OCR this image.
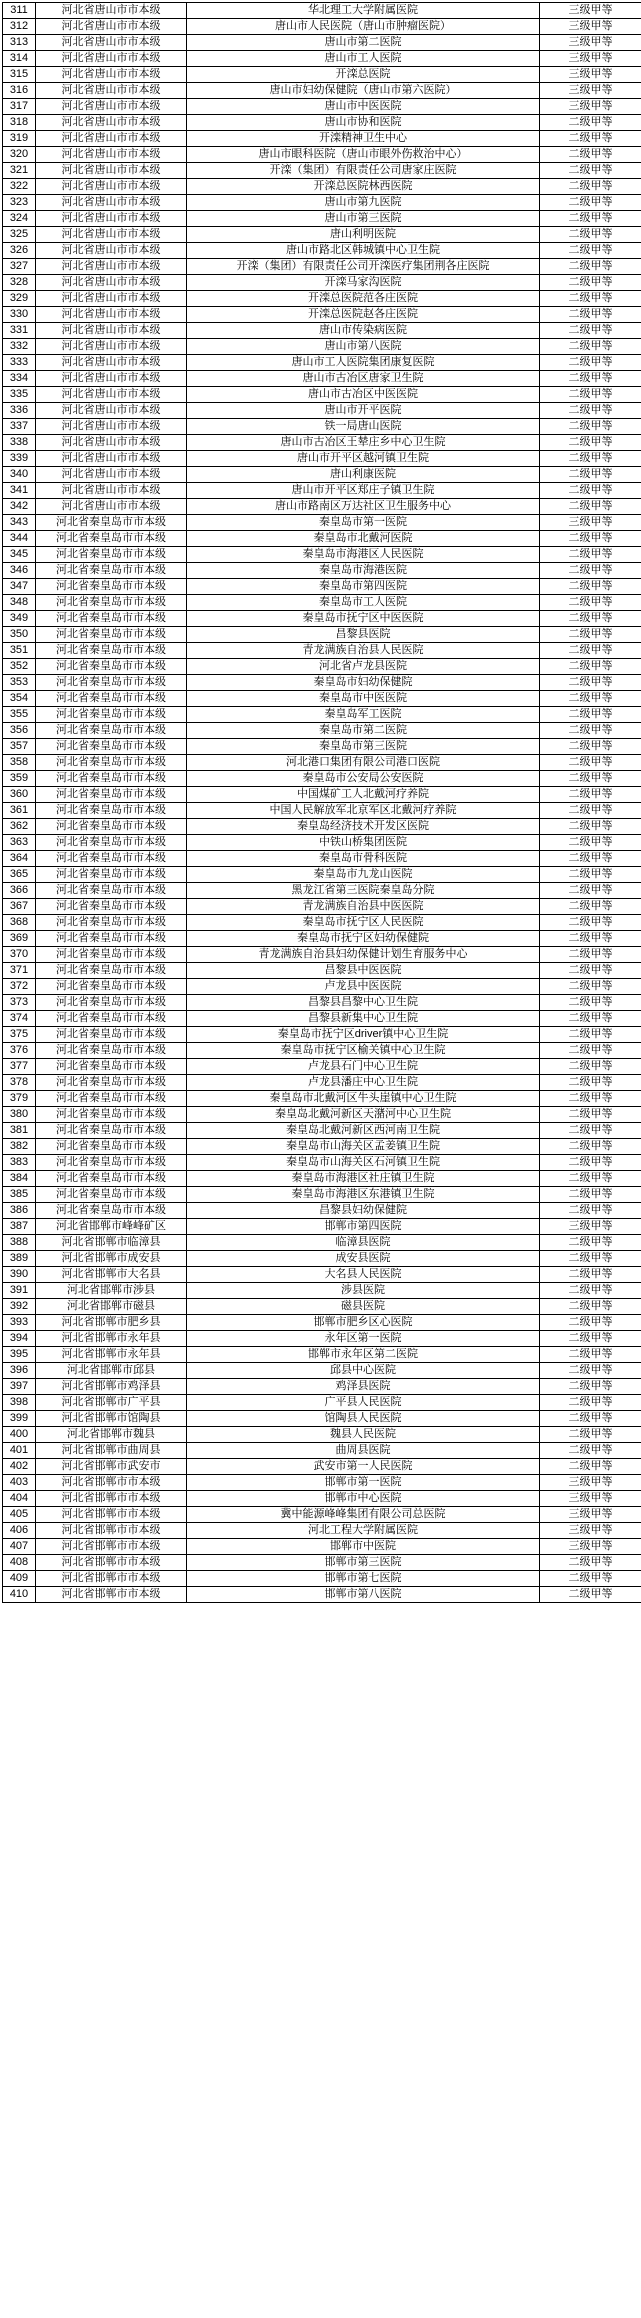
311	河北省唐山市市本级	华北理工大学附属医院	三级甲等
312	河北省唐山市市本级	唐山市人民医院（唐山市肿瘤医院）	三级甲等
313	河北省唐山市市本级	唐山市第二医院	三级甲等
314	河北省唐山市市本级	唐山市工人医院	三级甲等
315	河北省唐山市市本级	开滦总医院	三级甲等
316	河北省唐山市市本级	唐山市妇幼保健院（唐山市第六医院）	三级甲等
317	河北省唐山市市本级	唐山市中医医院	三级甲等
318	河北省唐山市市本级	唐山市协和医院	二级甲等
319	河北省唐山市市本级	开滦精神卫生中心	二级甲等
320	河北省唐山市市本级	唐山市眼科医院（唐山市眼外伤救治中心）	二级甲等
321	河北省唐山市市本级	开滦（集团）有限责任公司唐家庄医院	二级甲等
322	河北省唐山市市本级	开滦总医院林西医院	二级甲等
323	河北省唐山市市本级	唐山市第九医院	二级甲等
324	河北省唐山市市本级	唐山市第三医院	二级甲等
325	河北省唐山市市本级	唐山利明医院	二级甲等
326	河北省唐山市市本级	唐山市路北区韩城镇中心卫生院	二级甲等
327	河北省唐山市市本级	开滦（集团）有限责任公司开滦医疗集团荆各庄医院	二级甲等
328	河北省唐山市市本级	开滦马家沟医院	二级甲等
329	河北省唐山市市本级	开滦总医院范各庄医院	二级甲等
330	河北省唐山市市本级	开滦总医院赵各庄医院	二级甲等
331	河北省唐山市市本级	唐山市传染病医院	二级甲等
332	河北省唐山市市本级	唐山市第八医院	二级甲等
333	河北省唐山市市本级	唐山市工人医院集团康复医院	二级甲等
334	河北省唐山市市本级	唐山市古冶区唐家卫生院	二级甲等
335	河北省唐山市市本级	唐山市古冶区中医医院	二级甲等
336	河北省唐山市市本级	唐山市开平医院	二级甲等
337	河北省唐山市市本级	铁一局唐山医院	二级甲等
338	河北省唐山市市本级	唐山市古冶区王辇庄乡中心卫生院	二级甲等
339	河北省唐山市市本级	唐山市开平区越河镇卫生院	二级甲等
340	河北省唐山市市本级	唐山利康医院	二级甲等
341	河北省唐山市市本级	唐山市开平区郑庄子镇卫生院	二级甲等
342	河北省唐山市市本级	唐山市路南区万达社区卫生服务中心	二级甲等
343	河北省秦皇岛市市本级	秦皇岛市第一医院	三级甲等
344	河北省秦皇岛市市本级	秦皇岛市北戴河医院	二级甲等
345	河北省秦皇岛市市本级	秦皇岛市海港区人民医院	二级甲等
346	河北省秦皇岛市市本级	秦皇岛市海港医院	二级甲等
347	河北省秦皇岛市市本级	秦皇岛市第四医院	二级甲等
348	河北省秦皇岛市市本级	秦皇岛市工人医院	二级甲等
349	河北省秦皇岛市市本级	秦皇岛市抚宁区中医医院	二级甲等
350	河北省秦皇岛市市本级	昌黎县医院	二级甲等
351	河北省秦皇岛市市本级	青龙满族自治县人民医院	二级甲等
352	河北省秦皇岛市市本级	河北省卢龙县医院	二级甲等
353	河北省秦皇岛市市本级	秦皇岛市妇幼保健院	二级甲等
354	河北省秦皇岛市市本级	秦皇岛市中医医院	二级甲等
355	河北省秦皇岛市市本级	秦皇岛军工医院	二级甲等
356	河北省秦皇岛市市本级	秦皇岛市第二医院	二级甲等
357	河北省秦皇岛市市本级	秦皇岛市第三医院	二级甲等
358	河北省秦皇岛市市本级	河北港口集团有限公司港口医院	二级甲等
359	河北省秦皇岛市市本级	秦皇岛市公安局公安医院	二级甲等
360	河北省秦皇岛市市本级	中国煤矿工人北戴河疗养院	二级甲等
361	河北省秦皇岛市市本级	中国人民解放军北京军区北戴河疗养院	二级甲等
362	河北省秦皇岛市市本级	秦皇岛经济技术开发区医院	二级甲等
363	河北省秦皇岛市市本级	中铁山桥集团医院	二级甲等
364	河北省秦皇岛市市本级	秦皇岛市骨科医院	二级甲等
365	河北省秦皇岛市市本级	秦皇岛市九龙山医院	二级甲等
366	河北省秦皇岛市市本级	黑龙江省第三医院秦皇岛分院	二级甲等
367	河北省秦皇岛市市本级	青龙满族自治县中医医院	二级甲等
368	河北省秦皇岛市市本级	秦皇岛市抚宁区人民医院	二级甲等
369	河北省秦皇岛市市本级	秦皇岛市抚宁区妇幼保健院	二级甲等
370	河北省秦皇岛市市本级	青龙满族自治县妇幼保健计划生育服务中心	二级甲等
371	河北省秦皇岛市市本级	昌黎县中医医院	二级甲等
372	河北省秦皇岛市市本级	卢龙县中医医院	二级甲等
373	河北省秦皇岛市市本级	昌黎县昌黎中心卫生院	二级甲等
374	河北省秦皇岛市市本级	昌黎县新集中心卫生院	二级甲等
375	河北省秦皇岛市市本级	秦皇岛市抚宁区driver镇中心卫生院	二级甲等
376	河北省秦皇岛市市本级	秦皇岛市抚宁区榆关镇中心卫生院	二级甲等
377	河北省秦皇岛市市本级	卢龙县石门中心卫生院	二级甲等
378	河北省秦皇岛市市本级	卢龙县潘庄中心卫生院	二级甲等
379	河北省秦皇岛市市本级	秦皇岛市北戴河区牛头崖镇中心卫生院	二级甲等
380	河北省秦皇岛市市本级	秦皇岛北戴河新区天潴河中心卫生院	二级甲等
381	河北省秦皇岛市市本级	秦皇岛北戴河新区西河南卫生院	二级甲等
382	河北省秦皇岛市市本级	秦皇岛市山海关区孟姜镇卫生院	二级甲等
383	河北省秦皇岛市市本级	秦皇岛市山海关区石河镇卫生院	二级甲等
384	河北省秦皇岛市市本级	秦皇岛市海港区社庄镇卫生院	二级甲等
385	河北省秦皇岛市市本级	秦皇岛市海港区东港镇卫生院	二级甲等
386	河北省秦皇岛市市本级	昌黎县妇幼保健院	二级甲等
387	河北省邯郸市峰峰矿区	邯郸市第四医院	三级甲等
388	河北省邯郸市临漳县	临漳县医院	二级甲等
389	河北省邯郸市成安县	成安县医院	二级甲等
390	河北省邯郸市大名县	大名县人民医院	二级甲等
391	河北省邯郸市涉县	涉县医院	二级甲等
392	河北省邯郸市磁县	磁县医院	二级甲等
393	河北省邯郸市肥乡县	邯郸市肥乡区心医院	二级甲等
394	河北省邯郸市永年县	永年区第一医院	二级甲等
395	河北省邯郸市永年县	邯郸市永年区第二医院	二级甲等
396	河北省邯郸市邱县	邱县中心医院	二级甲等
397	河北省邯郸市鸡泽县	鸡泽县医院	二级甲等
398	河北省邯郸市广平县	广平县人民医院	二级甲等
399	河北省邯郸市馆陶县	馆陶县人民医院	二级甲等
400	河北省邯郸市魏县	魏县人民医院	二级甲等
401	河北省邯郸市曲周县	曲周县医院	二级甲等
402	河北省邯郸市武安市	武安市第一人民医院	二级甲等
403	河北省邯郸市市本级	邯郸市第一医院	三级甲等
404	河北省邯郸市市本级	邯郸市中心医院	三级甲等
405	河北省邯郸市市本级	冀中能源峰峰集团有限公司总医院	三级甲等
406	河北省邯郸市市本级	河北工程大学附属医院	三级甲等
407	河北省邯郸市市本级	邯郸市中医院	三级甲等
408	河北省邯郸市市本级	邯郸市第三医院	二级甲等
409	河北省邯郸市市本级	邯郸市第七医院	二级甲等
410	河北省邯郸市市本级	邯郸市第八医院	二级甲等
